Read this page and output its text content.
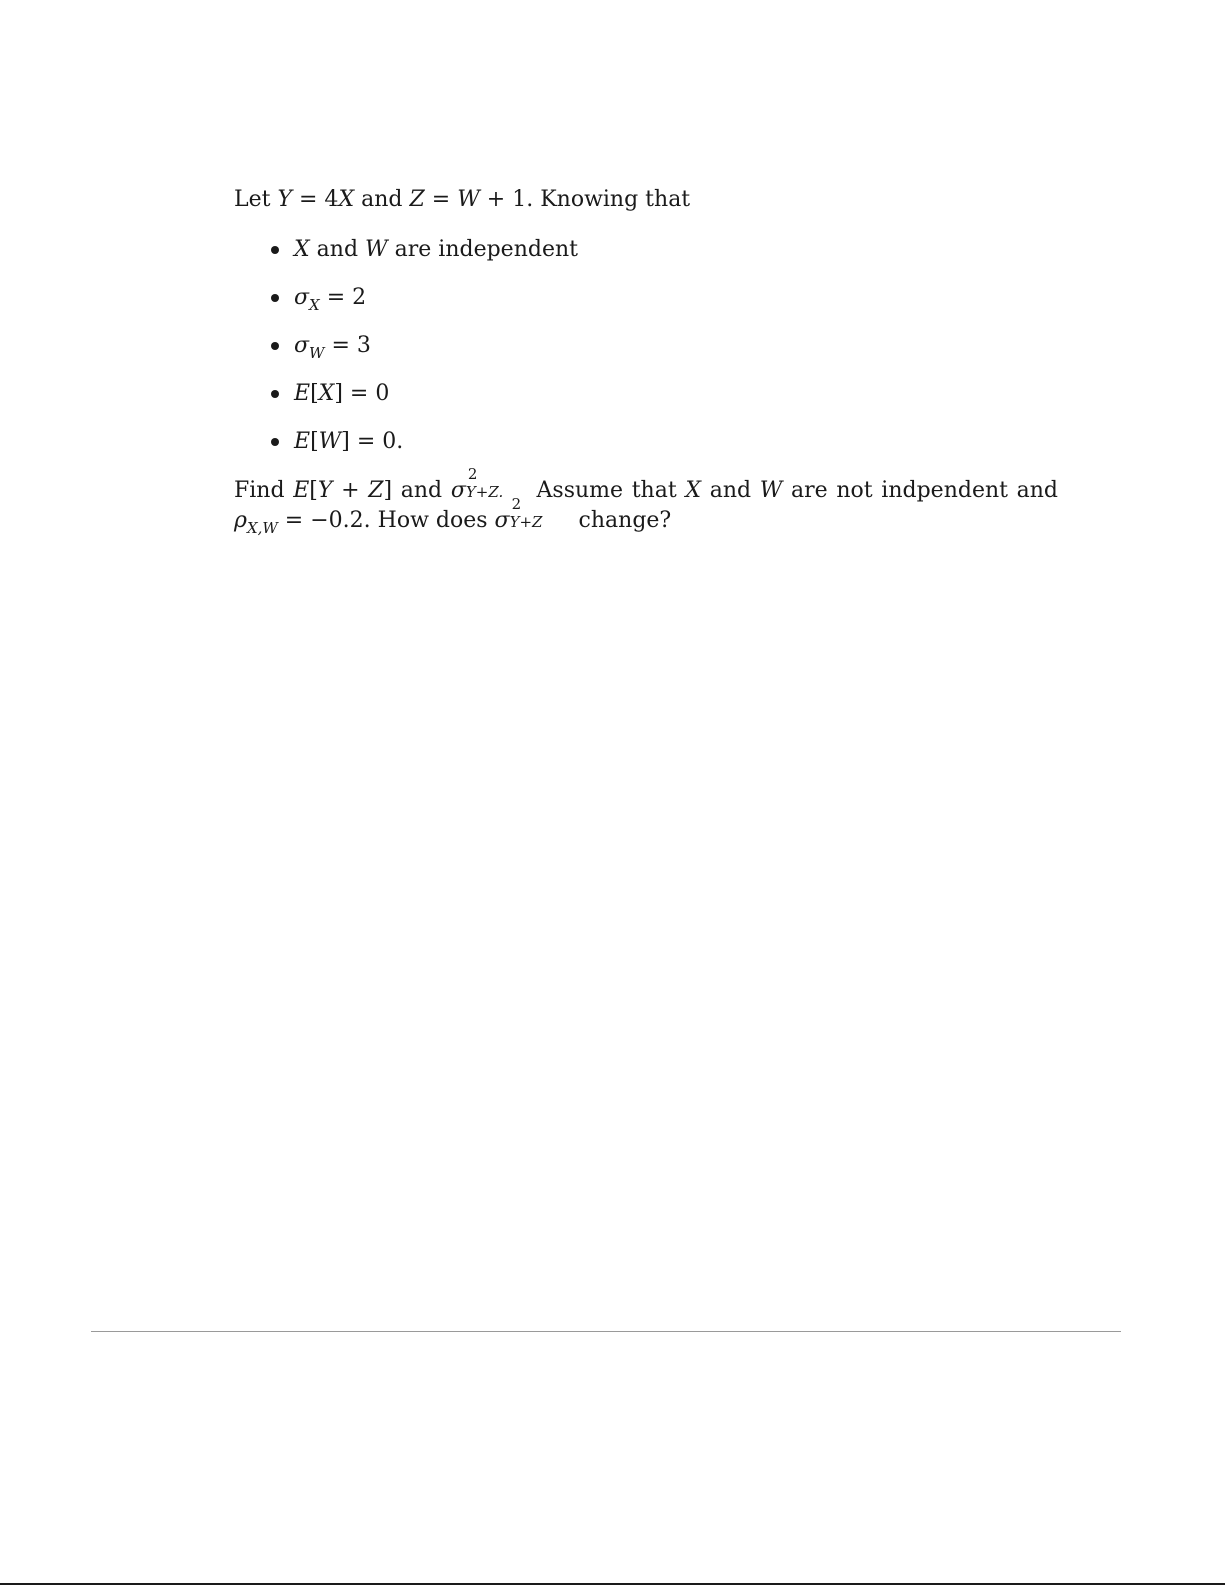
Let Y = 4X and Z = W + 1. Knowing that

X and W are independent
$\sigma_X = 2$
$\sigma_W = 3$
E[X] = 0
E[W] = 0.

Find E[Y + Z] and σ
2
Y+Z. Assume that X and W are not indpendent and
$\rho_{X,W} = -0.2$. How does σ
2
Y+Z change?
